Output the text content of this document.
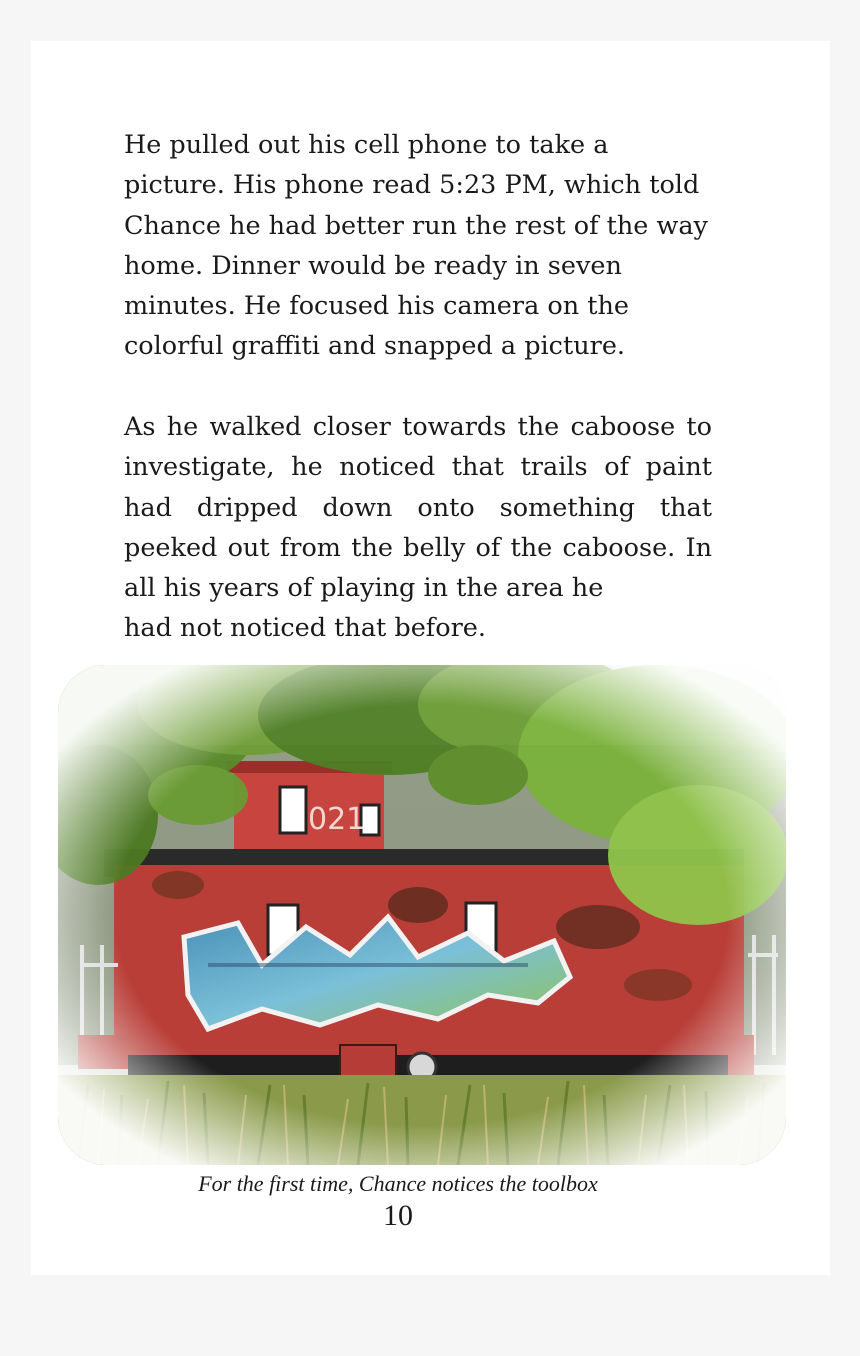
He pulled out his cell phone to take a picture. His phone read 5:23 PM, which told Chance he had better run the rest of the way home. Dinner would be ready in seven minutes. He focused his camera on the colorful graffiti and snapped a picture.

As he walked closer towards the caboose to investigate, he noticed that trails of paint had dripped down onto something that peeked out from the belly of the caboose. In all his years of playing in the area he
had not noticed that before.

For the first time, Chance notices the toolbox
10
